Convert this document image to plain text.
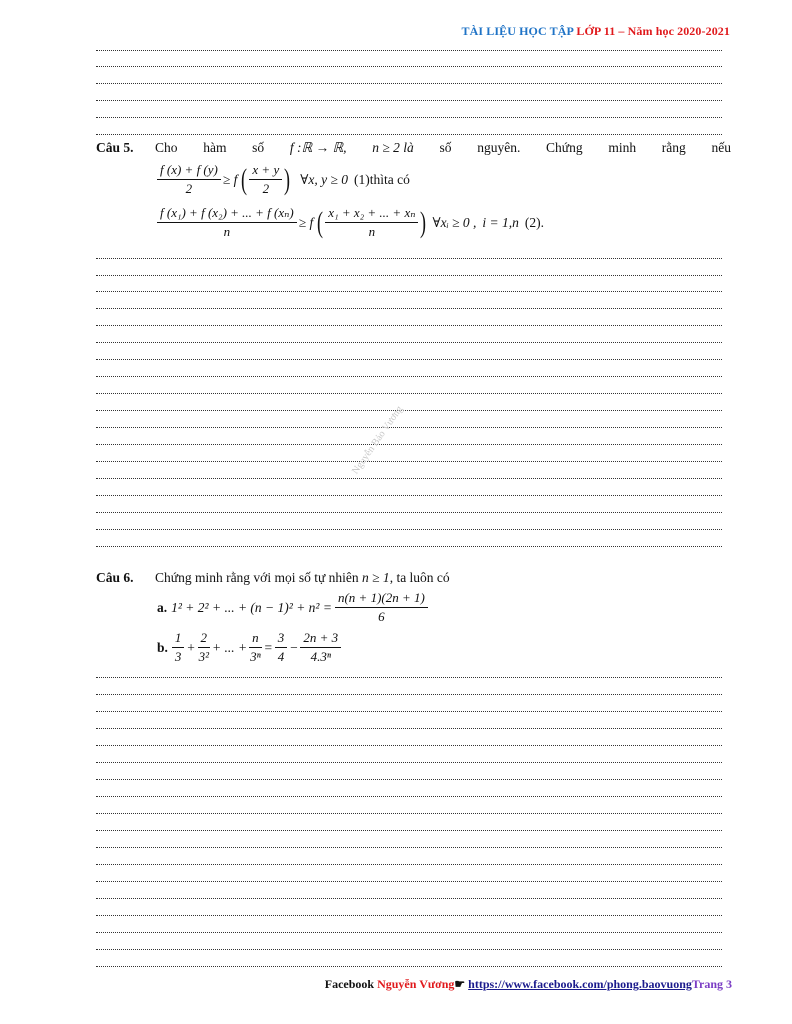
TÀI LIỆU HỌC TẬP LỚP 11 – Năm học 2020-2021
Câu 5. Cho hàm số f :ℝ → ℝ, n ≥ 2 là số nguyên. Chứng minh rằng nếu
$\frac{f (x) + f (y)}{2} \ge f$ ( $\frac{x + y}{2}$ ) ∀x, y ≥ 0 (1)thìta có
$\frac{\text{f (x₁) + f (x₂) + ... + f (xₙ)}}{n} \ge f$ ( $\frac{\text{x₁ + x₂ + ... + xₙ}}{n}$ ) ∀xᵢ ≥ 0 , i = 1,n (2).
Nguyễn Bảo Vương
Câu 6. Chứng minh rằng với mọi số tự nhiên n ≥ 1, ta luôn có
a. 1² + 2² + ... + $(n - 1)^2 + n^2 = \frac{n(n + 1)(2n + 1)}{6}$
b. $\frac{1}{3} + \frac{2}{\text{3²}}$ + ... + $\frac{n}{\text{3ⁿ}} = \frac{3}{4} - \frac{2n + 3}{\text{4.3ⁿ}}$
Facebook Nguyễn Vương☛ https://www.facebook.com/phong.baovuongTrang 3
